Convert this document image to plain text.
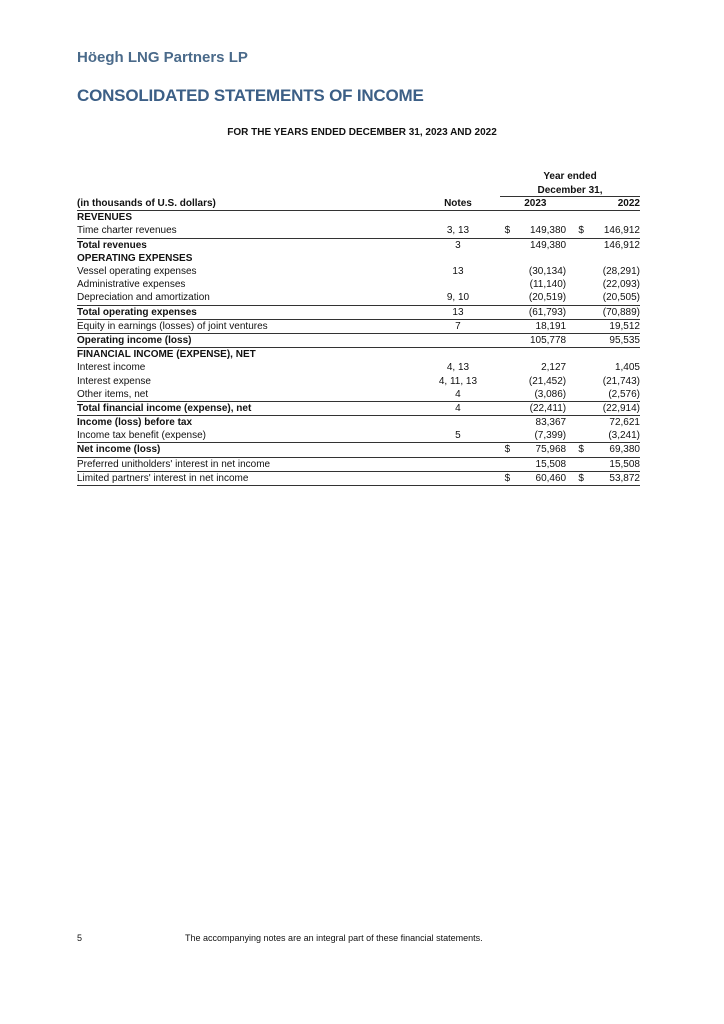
Höegh LNG Partners LP
CONSOLIDATED STATEMENTS OF INCOME
FOR THE YEARS ENDED DECEMBER 31, 2023 AND 2022
Year ended
December 31,
(in thousands of U.S. dollars)	Notes		2023			2022	
REVENUES							
Time charter revenues	3, 13		$	149,380		$	146,912
Total revenues	3			149,380			146,912
OPERATING EXPENSES							
Vessel operating expenses	13			(30,134)			(28,291)
Administrative expenses				(11,140)			(22,093)
Depreciation and amortization	9, 10			(20,519)			(20,505)
Total operating expenses	13			(61,793)			(70,889)
Equity in earnings (losses) of joint ventures	7			18,191			19,512
Operating income (loss)				105,778			95,535
FINANCIAL INCOME (EXPENSE), NET							
Interest income	4, 13			2,127			1,405
Interest expense	4, 11, 13			(21,452)			(21,743)
Other items, net	4			(3,086)			(2,576)
Total financial income (expense), net	4			(22,411)			(22,914)
Income (loss) before tax				83,367			72,621
Income tax benefit (expense)	5			(7,399)			(3,241)
Net income (loss)			$	75,968		$	69,380
Preferred unitholders' interest in net income				15,508			15,508
Limited partners' interest in net income			$	60,460		$	53,872
5	The accompanying notes are an integral part of these financial statements.
